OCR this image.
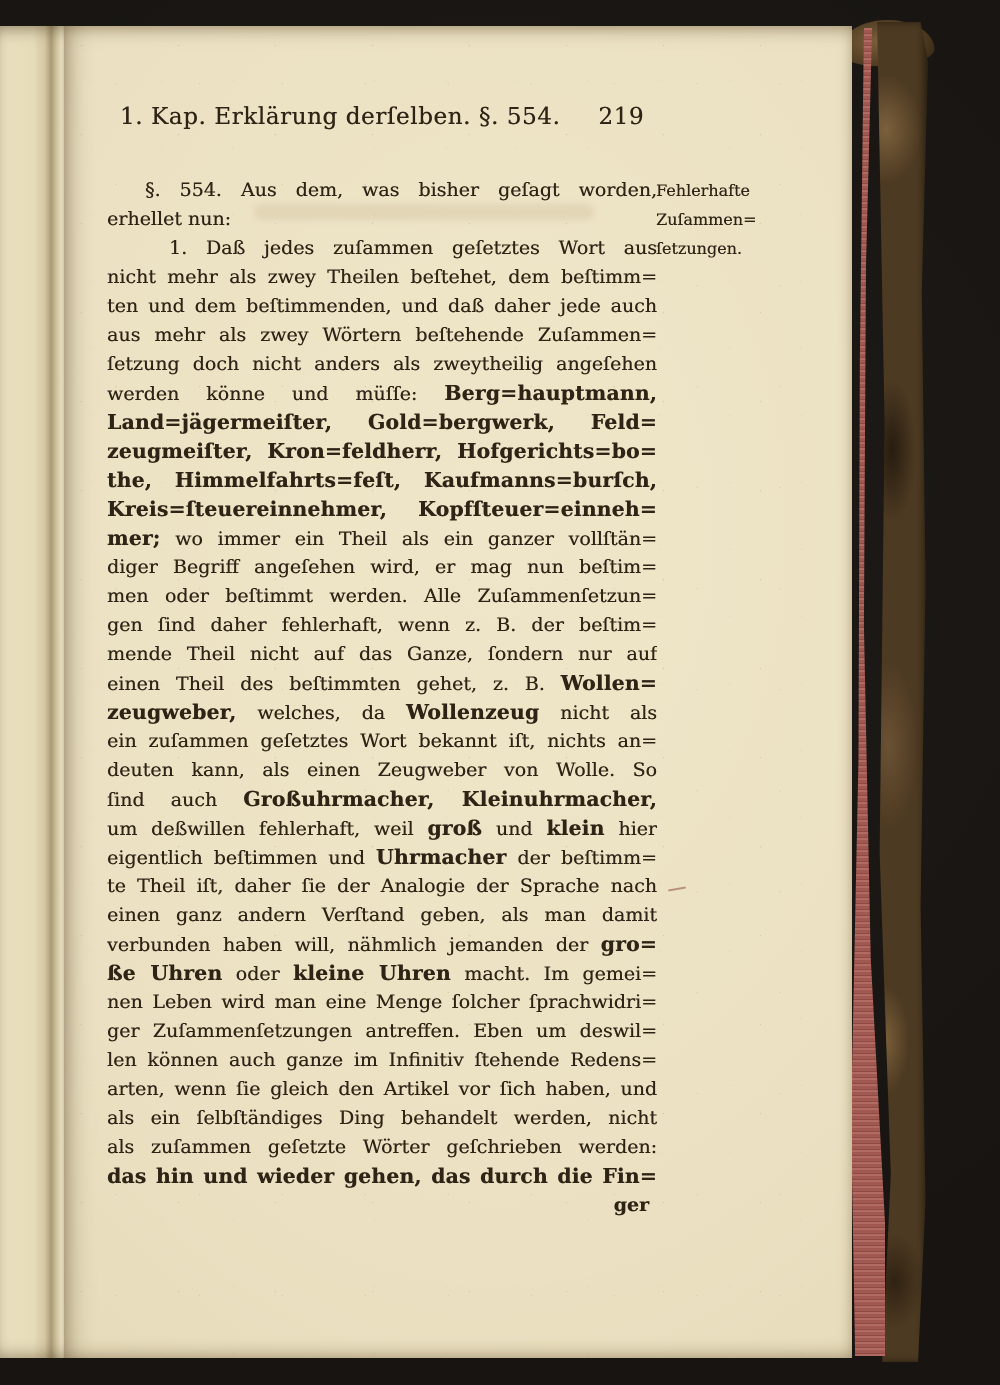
1. Kap. Erklärung derſelben. §. 554. 219
Fehlerhafte
Zuſammen=
ſetzungen.
§. 554. Aus dem, was bisher geſagt worden,
erhellet nun:
1. Daß jedes zuſammen geſetztes Wort aus
nicht mehr als zwey Theilen beſtehet, dem beſtimm=
ten und dem beſtimmenden, und daß daher jede auch
aus mehr als zwey Wörtern beſtehende Zuſammen=
ſetzung doch nicht anders als zweytheilig angeſehen
werden könne und müſſe: Berg=hauptmann,
Land=jägermeiſter, Gold=bergwerk, Feld=
zeugmeiſter, Kron=feldherr, Hofgerichts=bo=
the, Himmelfahrts=feſt, Kaufmanns=burſch,
Kreis=ſteuereinnehmer, Kopfſteuer=einneh=
mer; wo immer ein Theil als ein ganzer vollſtän=
diger Begriff angeſehen wird, er mag nun beſtim=
men oder beſtimmt werden. Alle Zuſammenſetzun=
gen ſind daher fehlerhaft, wenn z. B. der beſtim=
mende Theil nicht auf das Ganze, ſondern nur auf
einen Theil des beſtimmten gehet, z. B. Wollen=
zeugweber, welches, da Wollenzeug nicht als
ein zuſammen geſetztes Wort bekannt iſt, nichts an=
deuten kann, als einen Zeugweber von Wolle. So
ſind auch Großuhrmacher, Kleinuhrmacher,
um deßwillen fehlerhaft, weil groß und klein hier
eigentlich beſtimmen und Uhrmacher der beſtimm=
te Theil iſt, daher ſie der Analogie der Sprache nach
einen ganz andern Verſtand geben, als man damit
verbunden haben will, nähmlich jemanden der gro=
ße Uhren oder kleine Uhren macht. Im gemei=
nen Leben wird man eine Menge ſolcher ſprachwidri=
ger Zuſammenſetzungen antreffen. Eben um deswil=
len können auch ganze im Infinitiv ſtehende Redens=
arten, wenn ſie gleich den Artikel vor ſich haben, und
als ein ſelbſtändiges Ding behandelt werden, nicht
als zuſammen geſetzte Wörter geſchrieben werden:
das hin und wieder gehen, das durch die Fin=
ger
